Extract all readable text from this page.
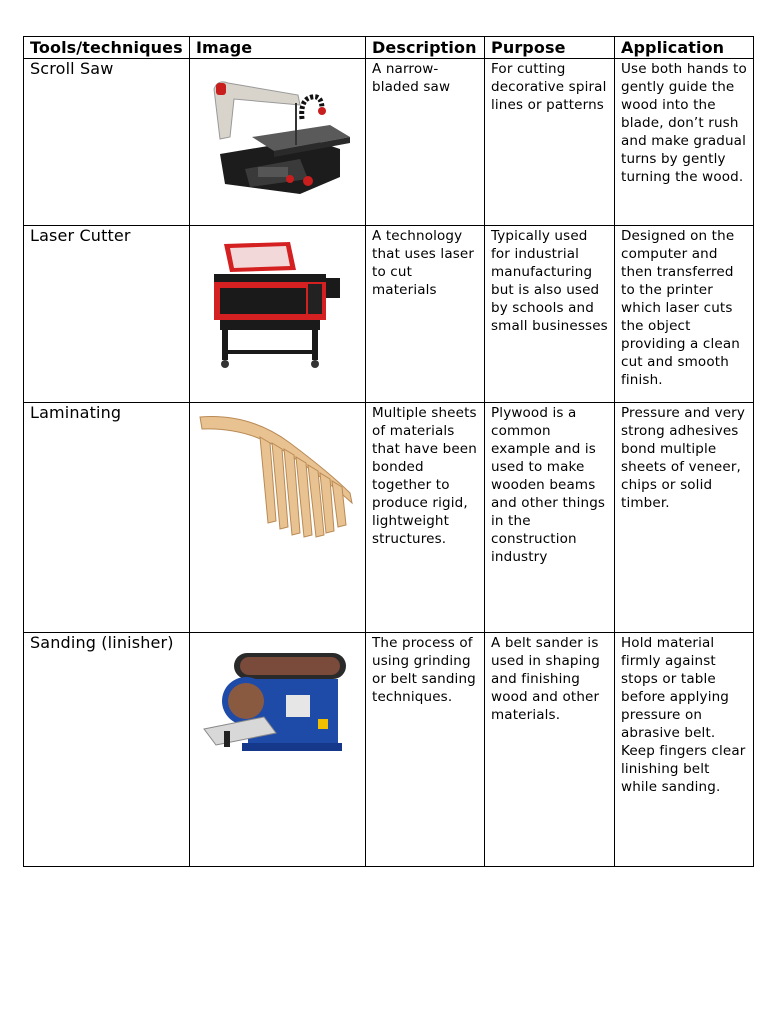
Tools/techniques	Image	Description	Purpose	Application
Scroll Saw		A narrow-bladed saw	For cutting decorative spiral lines or patterns	Use both hands to gently guide the wood into the blade, don’t rush and make gradual turns by gently turning the wood.
Laser Cutter		A technology that uses laser to cut materials	Typically used for industrial manufacturing but is also used by schools and small businesses	Designed on the computer and then transferred to the printer which laser cuts the object providing a clean cut and smooth finish.
Laminating		Multiple sheets of materials that have been bonded together to produce rigid, lightweight structures.	Plywood is a common example and is used to make wooden beams and other things in the construction industry	Pressure and very strong adhesives bond multiple sheets of veneer, chips or solid timber.
Sanding (linisher)		The process of using grinding or belt sanding techniques.	A belt sander is used in shaping and finishing wood and other materials.	Hold material firmly against stops or table before applying pressure on abrasive belt. Keep fingers clear linishing belt while sanding.
